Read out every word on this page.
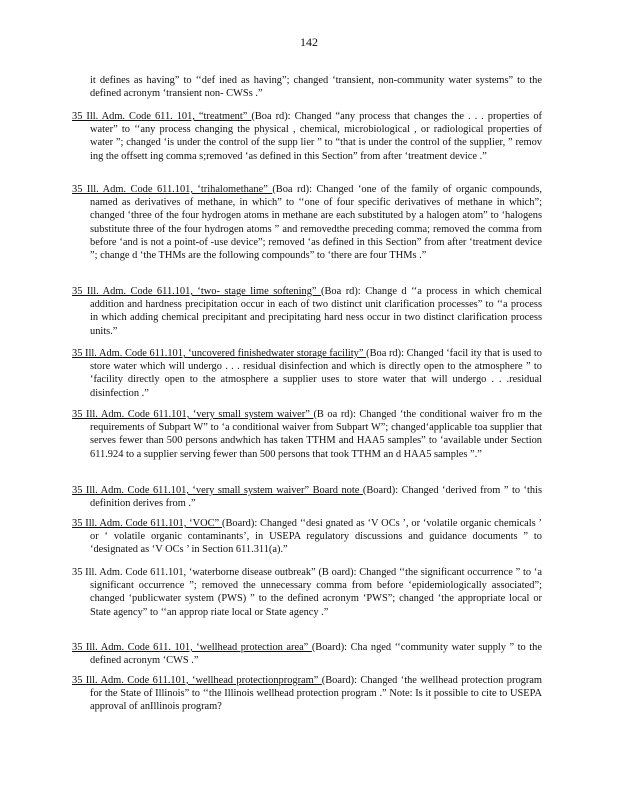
142
it defines as having” to ‘‘def ined as having”; changed ‘transient, non-community water systems” to the defined acronym ‘transient non- CWSs .”
35 Ill. Adm. Code 611. 101, “treatment” (Boa rd): Changed “any process that changes the . . . properties of water” to ‘‘any process changing the physical , chemical, microbiological , or radiological properties of water ”; changed ‘is under the control of the supp lier ” to “that is under the control of the supplier, ” remov ing the offsett ing comma s;removed ‘as defined in this Section” from after ‘treatment device .”
35 Ill. Adm. Code 611.101, ‘trihalomethane” (Boa rd): Changed ‘one of the family of organic compounds, named as derivatives of methane, in which” to ‘‘one of four specific derivatives of methane in which”; changed ‘three of the four hydrogen atoms in methane are each substituted by a halogen atom” to ‘halogens substitute three of the four hydrogen atoms ” and removedthe preceding comma; removed the comma from before ‘and is not a point-of -use device”; removed ‘as defined in this Section” from after ‘treatment device ”; change d ‘the THMs are the following compounds” to ‘there are four THMs .”
35 Ill. Adm. Code 611.101, ‘two- stage lime softening” (Boa rd): Change d ‘‘a process in which chemical addition and hardness precipitation occur in each of two distinct unit clarification processes” to ‘‘a process in which adding chemical precipitant and precipitating hard ness occur in two distinct clarification process units.”
35 Ill. Adm. Code 611.101, ‘uncovered finishedwater storage facility” (Boa rd): Changed ‘facil ity that is used to store water which will undergo . . . residual disinfection and which is directly open to the atmosphere ” to ‘facility directly open to the atmosphere a supplier uses to store water that will undergo . . .residual disinfection .”
35 Ill. Adm. Code 611.101, ‘very small system waiver” (B oa rd): Changed ‘the conditional waiver fro m the requirements of Subpart W” to ‘a conditional waiver from Subpart W”; changed‘applicable toa supplier that serves fewer than 500 persons andwhich has taken TTHM and HAA5 samples” to ‘available under Section 611.924 to a supplier serving fewer than 500 persons that took TTHM an d HAA5 samples ”.”
35 Ill. Adm. Code 611.101, ‘very small system waiver” Board note (Board): Changed ‘derived from ” to ‘this definition derives from .”
35 Ill. Adm. Code 611.101, ‘VOC” (Board): Changed ‘‘desi gnated as ‘V OCs ’, or ‘volatile organic chemicals ’ or ‘ volatile organic contaminants’, in USEPA regulatory discussions and guidance documents ” to ‘designated as ‘V OCs ’ in Section 611.311(a).”
35 Ill. Adm. Code 611.101, ‘waterborne disease outbreak” (B oard): Changed ‘‘the significant occurrence ” to ‘a significant occurrence ”; removed the unnecessary comma from before ‘epidemiologically associated”; changed ‘publicwater system (PWS) ” to the defined acronym ‘PWS”; changed ‘the appropriate local or State agency” to ‘‘an approp riate local or State agency .”
35 Ill. Adm. Code 611. 101, ‘wellhead protection area” (Board): Cha nged ‘‘community water supply ” to the defined acronym ‘CWS .”
35 Ill. Adm. Code 611.101, ‘wellhead protectionprogram” (Board): Changed ‘the wellhead protection program for the State of Illinois” to ‘‘the Illinois wellhead protection program .” Note: Is it possible to cite to USEPA approval of anIllinois program?
